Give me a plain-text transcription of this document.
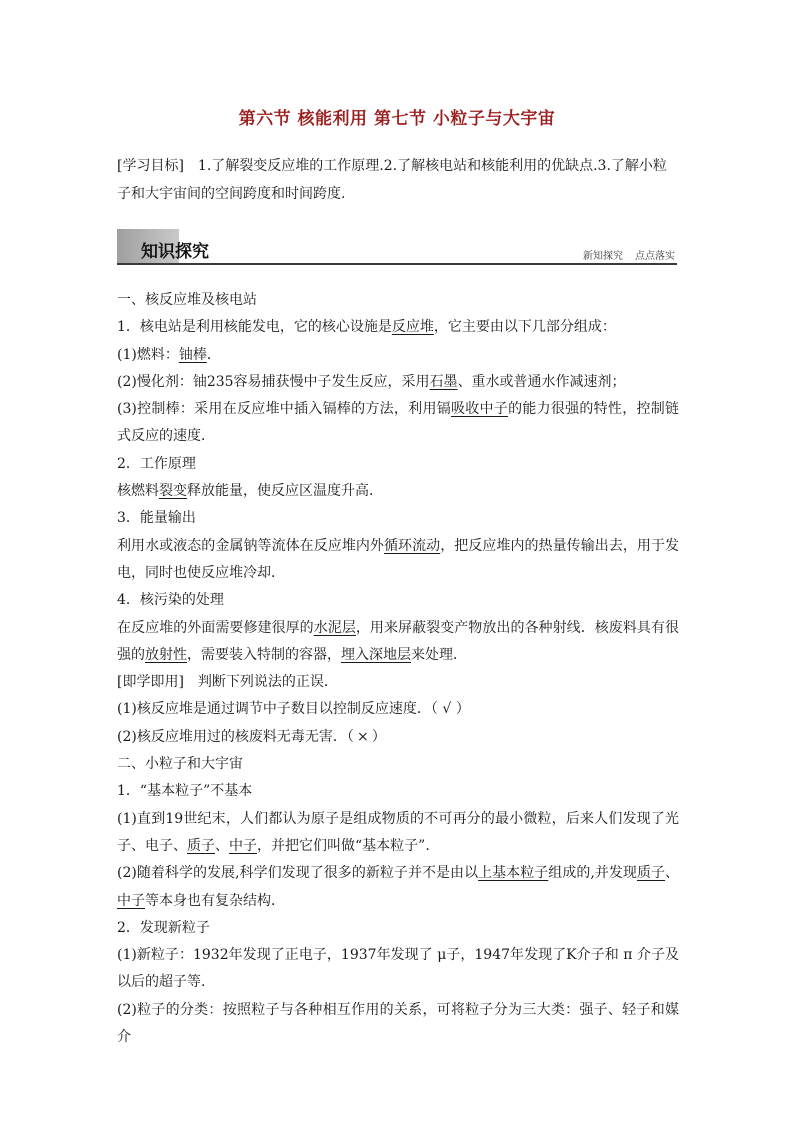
第六节 核能利用 第七节 小粒子与大宇宙
[学习目标]　1.了解裂变反应堆的工作原理.2.了解核电站和核能利用的优缺点.3.了解小粒子和大宇宙间的空间跨度和时间跨度.
知识探究	新知探究 点点落实

一、核反应堆及核电站

1．核电站是利用核能发电，它的核心设施是反应堆，它主要由以下几部分组成：

(1)燃料：铀棒．

(2)慢化剂：铀235容易捕获慢中子发生反应，采用石墨、重水或普通水作减速剂；

(3)控制棒：采用在反应堆中插入镉棒的方法，利用镉吸收中子的能力很强的特性，控制链式反应的速度．

2．工作原理

核燃料裂变释放能量，使反应区温度升高．

3．能量输出

利用水或液态的金属钠等流体在反应堆内外循环流动，把反应堆内的热量传输出去，用于发电，同时也使反应堆冷却．

4．核污染的处理

在反应堆的外面需要修建很厚的水泥层，用来屏蔽裂变产物放出的各种射线．核废料具有很强的放射性，需要装入特制的容器，埋入深地层来处理．

[即学即用]　判断下列说法的正误．

(1)核反应堆是通过调节中子数目以控制反应速度．（ √ ）

(2)核反应堆用过的核废料无毒无害．（ × ）

二、小粒子和大宇宙

1．“基本粒子”不基本

(1)直到19世纪末，人们都认为原子是组成物质的不可再分的最小微粒，后来人们发现了光子、电子、质子、中子，并把它们叫做“基本粒子”.

(2)随着科学的发展,科学们发现了很多的新粒子并不是由以上基本粒子组成的,并发现质子、中子等本身也有复杂结构．

2．发现新粒子

(1)新粒子：1932年发现了正电子，1937年发现了 μ子，1947年发现了K介子和 π 介子及以后的超子等．

(2)粒子的分类：按照粒子与各种相互作用的关系，可将粒子分为三大类：强子、轻子和媒介
